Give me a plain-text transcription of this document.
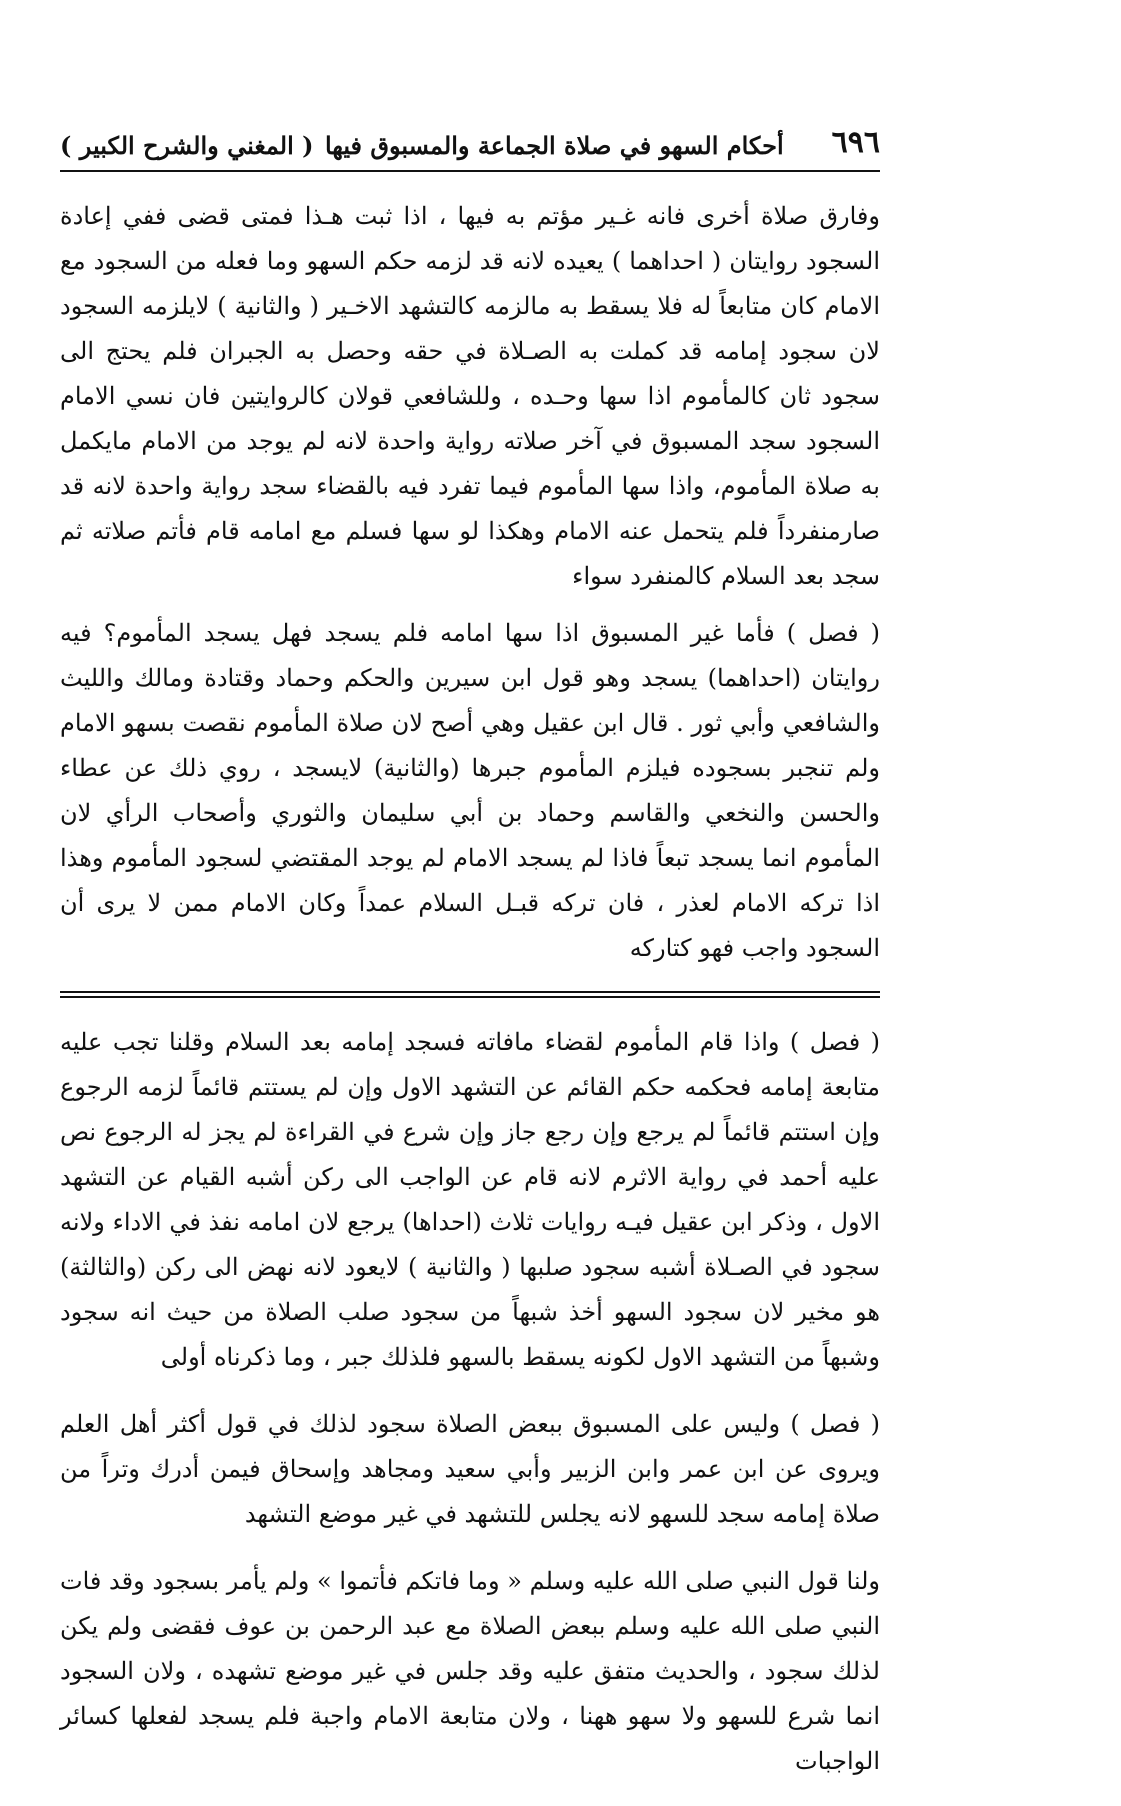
٦٩٦
أحكام السهو في صلاة الجماعة والمسبوق فيها
( المغني والشرح الكبير )

وفارق صلاة أخرى فانه غـير مؤتم به فيها ، اذا ثبت هـذا فمتى قضى ففي إعادة السجود روايتان ( احداهما ) يعيده لانه قد لزمه حكم السهو وما فعله من السجود مع الامام كان متابعاً له فلا يسقط به مالزمه كالتشهد الاخـير ( والثانية ) لايلزمه السجود لان سجود إمامه قد كملت به الصـلاة في حقه وحصل به الجبران فلم يحتج الى سجود ثان كالمأموم اذا سها وحـده ، وللشافعي قولان كالروايتين فان نسي الامام السجود سجد المسبوق في آخر صلاته رواية واحدة لانه لم يوجد من الامام مايكمل به صلاة المأموم، واذا سها المأموم فيما تفرد فيه بالقضاء سجد رواية واحدة لانه قد صارمنفرداً فلم يتحمل عنه الامام وهكذا لو سها فسلم مع امامه قام فأتم صلاته ثم سجد بعد السلام كالمنفرد سواء

( فصل ) فأما غير المسبوق اذا سها امامه فلم يسجد فهل يسجد المأموم؟ فيه روايتان (احداهما) يسجد وهو قول ابن سيرين والحكم وحماد وقتادة ومالك والليث والشافعي وأبي ثور . قال ابن عقيل وهي أصح لان صلاة المأموم نقصت بسهو الامام ولم تنجبر بسجوده فيلزم المأموم جبرها (والثانية) لايسجد ، روي ذلك عن عطاء والحسن والنخعي والقاسم وحماد بن أبي سليمان والثوري وأصحاب الرأي لان المأموم انما يسجد تبعاً فاذا لم يسجد الامام لم يوجد المقتضي لسجود المأموم وهذا اذا تركه الامام لعذر ، فان تركه قبـل السلام عمداً وكان الامام ممن لا يرى أن السجود واجب فهو كتاركه

( فصل ) واذا قام المأموم لقضاء مافاته فسجد إمامه بعد السلام وقلنا تجب عليه متابعة إمامه فحكمه حكم القائم عن التشهد الاول وإن لم يستتم قائماً لزمه الرجوع وإن استتم قائماً لم يرجع وإن رجع جاز وإن شرع في القراءة لم يجز له الرجوع نص عليه أحمد في رواية الاثرم لانه قام عن الواجب الى ركن أشبه القيام عن التشهد الاول ، وذكر ابن عقيل فيـه روايات ثلاث (احداها) يرجع لان امامه نفذ في الاداء ولانه سجود في الصـلاة أشبه سجود صلبها ( والثانية ) لايعود لانه نهض الى ركن (والثالثة) هو مخير لان سجود السهو أخذ شبهاً من سجود صلب الصلاة من حيث انه سجود وشبهاً من التشهد الاول لكونه يسقط بالسهو فلذلك جبر ، وما ذكرناه أولى

( فصل ) وليس على المسبوق ببعض الصلاة سجود لذلك في قول أكثر أهل العلم ويروى عن ابن عمر وابن الزبير وأبي سعيد ومجاهد وإسحاق فيمن أدرك وتراً من صلاة إمامه سجد للسهو لانه يجلس للتشهد في غير موضع التشهد

ولنا قول النبي صلى الله عليه وسلم « وما فاتكم فأتموا » ولم يأمر بسجود وقد فات النبي صلى الله عليه وسلم ببعض الصلاة مع عبد الرحمن بن عوف فقضى ولم يكن لذلك سجود ، والحديث متفق عليه وقد جلس في غير موضع تشهده ، ولان السجود انما شرع للسهو ولا سهو ههنا ، ولان متابعة الامام واجبة فلم يسجد لفعلها كسائر الواجبات
